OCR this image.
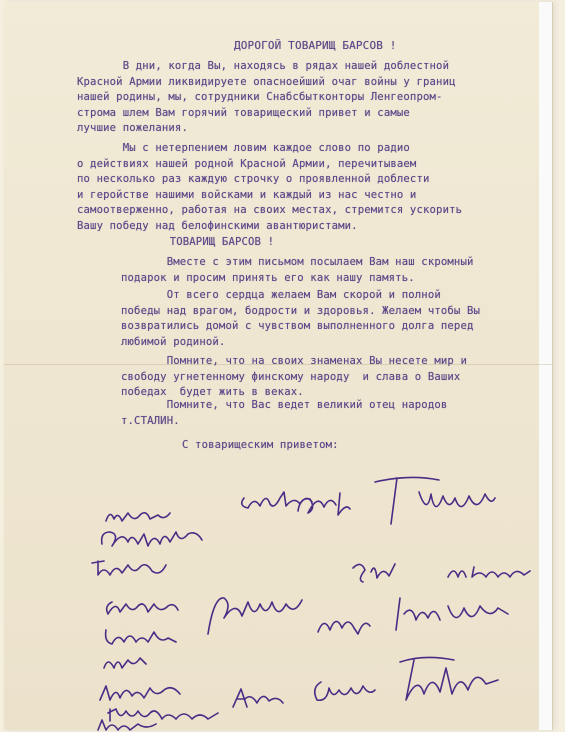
ДОРОГОЙ ТОВАРИЩ БАРСОВ !
В дни, когда Вы, находясь в рядах нашей доблестной
Красной Армии ликвидируете опасноейший очаг войны у границ
нашей родины, мы, сотрудники Снабсбытконторы Ленгеопром-
строма шлем Вам горячий товарищеский привет и самые
лучшие пожелания.
Мы с нетерпением ловим каждое слово по радио
о действиях нашей родной Красной Армии, перечитываем
по несколько раз каждую строчку о проявленной доблести
и геройстве нашими войсками и каждый из нас честно и
самоотверженно, работая на своих местах, стремится ускорить
Вашу победу над белофинскими авантюристами.
ТОВАРИЩ БАРСОВ !
Вместе с этим письмом посылаем Вам наш скромный
подарок и просим принять его как нашу память.
От всего сердца желаем Вам скорой и полной
победы над врагом, бодрости и здоровья. Желаем чтобы Вы
возвратились домой с чувством выполненного долга перед
любимой родиной.
Помните, что на своих знаменах Вы несете мир и
свободу угнетенному финскому народу  и слава о Ваших
победах  будет жить в веках.
Помните, что Вас ведет великий отец народов
т.СТАЛИН.
С товарищеским приветом:
